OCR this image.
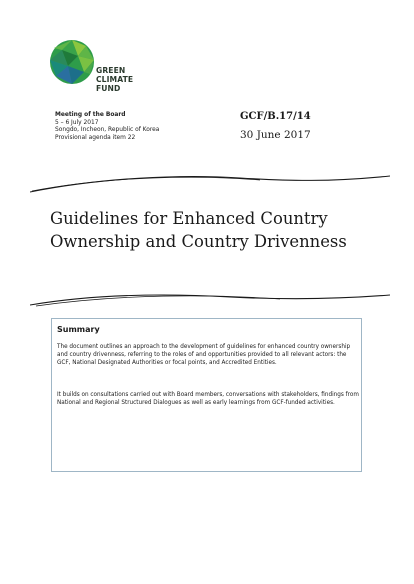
GREEN
CLIMATE
FUND
Meeting of the Board
5 – 6 July 2017
Songdo, Incheon, Republic of Korea
Provisional agenda item 22
GCF/B.17/14
30 June 2017
Guidelines for Enhanced Country
Ownership and Country Drivenness
Summary
The document outlines an approach to the development of guidelines for enhanced country ownership and country drivenness, referring to the roles of and opportunities provided to all relevant actors: the GCF, National Designated Authorities or focal points, and Accredited Entities.
It builds on consultations carried out with Board members, conversations with stakeholders, findings from National and Regional Structured Dialogues as well as early learnings from GCF-funded activities.
